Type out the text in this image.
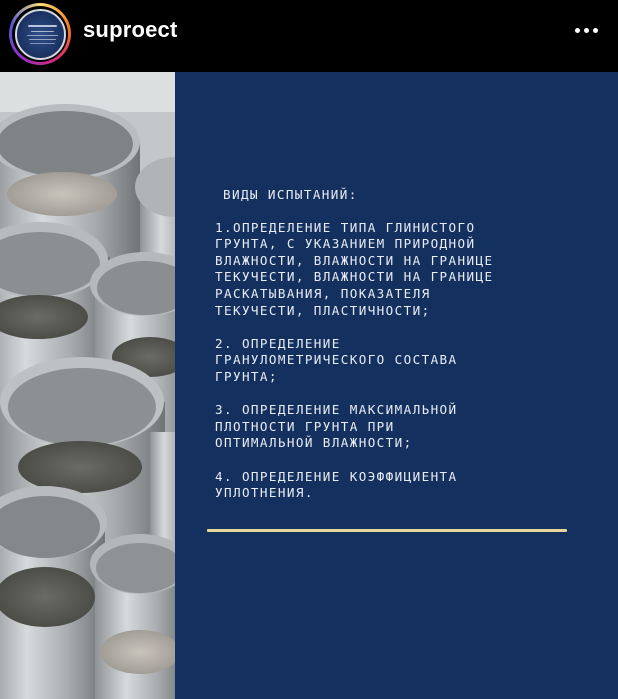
suproect
ВИДЫ ИСПЫТАНИЙ:
1.ОПРЕДЕЛЕНИЕ ТИПА ГЛИНИСТОГО
ГРУНТА, С УКАЗАНИЕМ ПРИРОДНОЙ
ВЛАЖНОСТИ, ВЛАЖНОСТИ НА ГРАНИЦЕ
ТЕКУЧЕСТИ, ВЛАЖНОСТИ НА ГРАНИЦЕ
РАСКАТЫВАНИЯ, ПОКАЗАТЕЛЯ
ТЕКУЧЕСТИ, ПЛАСТИЧНОСТИ;
2. ОПРЕДЕЛЕНИЕ
ГРАНУЛОМЕТРИЧЕСКОГО СОСТАВА
ГРУНТА;
3. ОПРЕДЕЛЕНИЕ МАКСИМАЛЬНОЙ
ПЛОТНОСТИ ГРУНТА ПРИ
ОПТИМАЛЬНОЙ ВЛАЖНОСТИ;
4. ОПРЕДЕЛЕНИЕ КОЭФФИЦИЕНТА
УПЛОТНЕНИЯ.
